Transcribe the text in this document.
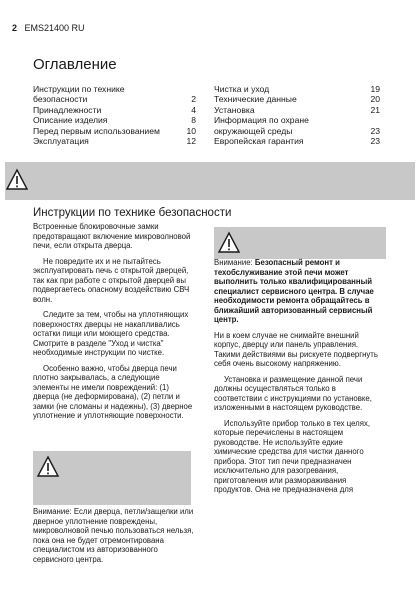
2 EMS21400 RU
Оглавление
Инструкции по технике
безопасности	2
Принадлежности	4
Описание изделия	8
Перед первым использованием	10
Эксплуатация	12
Чистка и уход	19
Технические данные	20
Установка	21
Информация по охране
окружающей среды	23
Европейская гарантия	23
Инструкции по технике безопасности

Встроенные блокировочные замки предотвращают включение микроволновой печи, если открыта дверца.

Не повредите их и не пытайтесь эксплуатировать печь с открытой дверцей, так как при работе с открытой дверцей вы подвергаетесь опасному воздействию СВЧ волн.

Следите за тем, чтобы на уплотняющих поверхностях дверцы не накапливались остатки пищи или моющего средства. Смотрите в разделе "Уход и чистка" необходимые инструкции по чистке.

Особенно важно, чтобы дверца печи плотно закрывалась, а следующие элементы не имели повреждений: (1) дверца (не деформирована), (2) петли и замки (не сломаны и надежны), (3) дверное уплотнение и уплотняющие поверхности.

Внимание: Если дверца, петли/защелки или дверное уплотнение повреждены, микроволновой печью пользоваться нельзя, пока она не будет отремонтирована специалистом из авторизованного сервисного центра.

Внимание: Безопасный ремонт и техобслуживание этой печи может выполнить только квалифицированный специалист сервисного центра. В случае необходимости ремонта обращайтесь в ближайший авторизованный сервисный центр.

Ни в коем случае не снимайте внешний корпус, дверцу или панель управления. Такими действиями вы рискуете подвергнуть себя очень высокому напряжению.

Установка и размещение данной печи должны осуществляться только в соответствии с инструкциями по установке, изложенными в настоящем руководстве.

Используйте прибор только в тех целях, которые перечислены в настоящем руководстве. Не используйте едкие химические средства для чистки данного прибора. Этот тип печи предназначен исключительно для разогревания, приготовления или размораживания продуктов. Она не предназначена для
